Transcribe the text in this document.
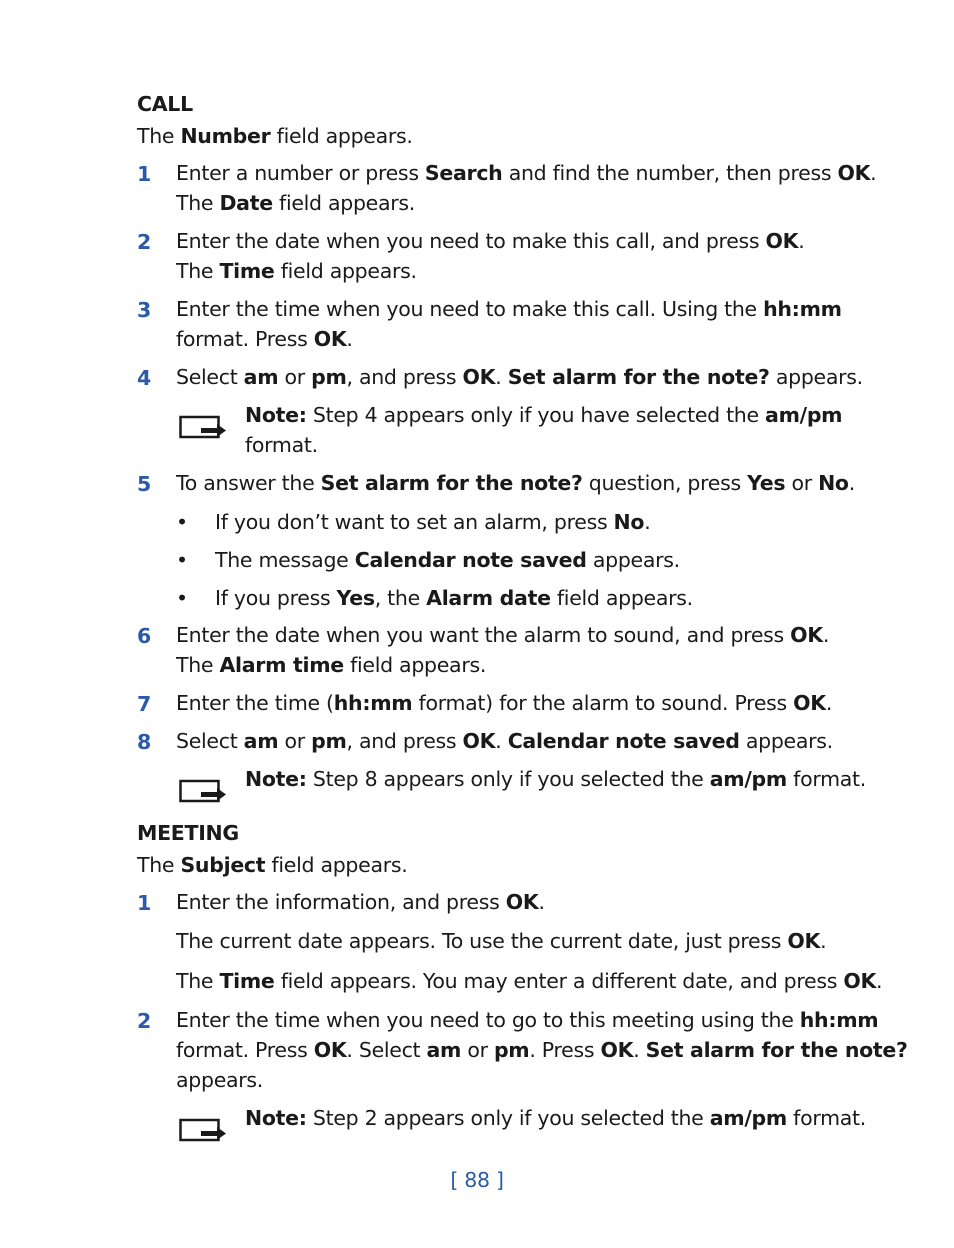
CALL
The Number field appears.
1 Enter a number or press Search and find the number, then press OK.
The Date field appears.
2 Enter the date when you need to make this call, and press OK.
The Time field appears.
3 Enter the time when you need to make this call. Using the hh:mm
format. Press OK.
4 Select am or pm, and press OK. Set alarm for the note? appears.
Note: Step 4 appears only if you have selected the am/pm
format.
5 To answer the Set alarm for the note? question, press Yes or No.
• If you don’t want to set an alarm, press No.
• The message Calendar note saved appears.
• If you press Yes, the Alarm date field appears.
6 Enter the date when you want the alarm to sound, and press OK.
The Alarm time field appears.
7 Enter the time (hh:mm format) for the alarm to sound. Press OK.
8 Select am or pm, and press OK. Calendar note saved appears.
Note: Step 8 appears only if you selected the am/pm format.
MEETING
The Subject field appears.
1 Enter the information, and press OK.
The current date appears. To use the current date, just press OK.
The Time field appears. You may enter a different date, and press OK.
2 Enter the time when you need to go to this meeting using the hh:mm
format. Press OK. Select am or pm. Press OK. Set alarm for the note?
appears.
Note: Step 2 appears only if you selected the am/pm format.
[ 88 ]
